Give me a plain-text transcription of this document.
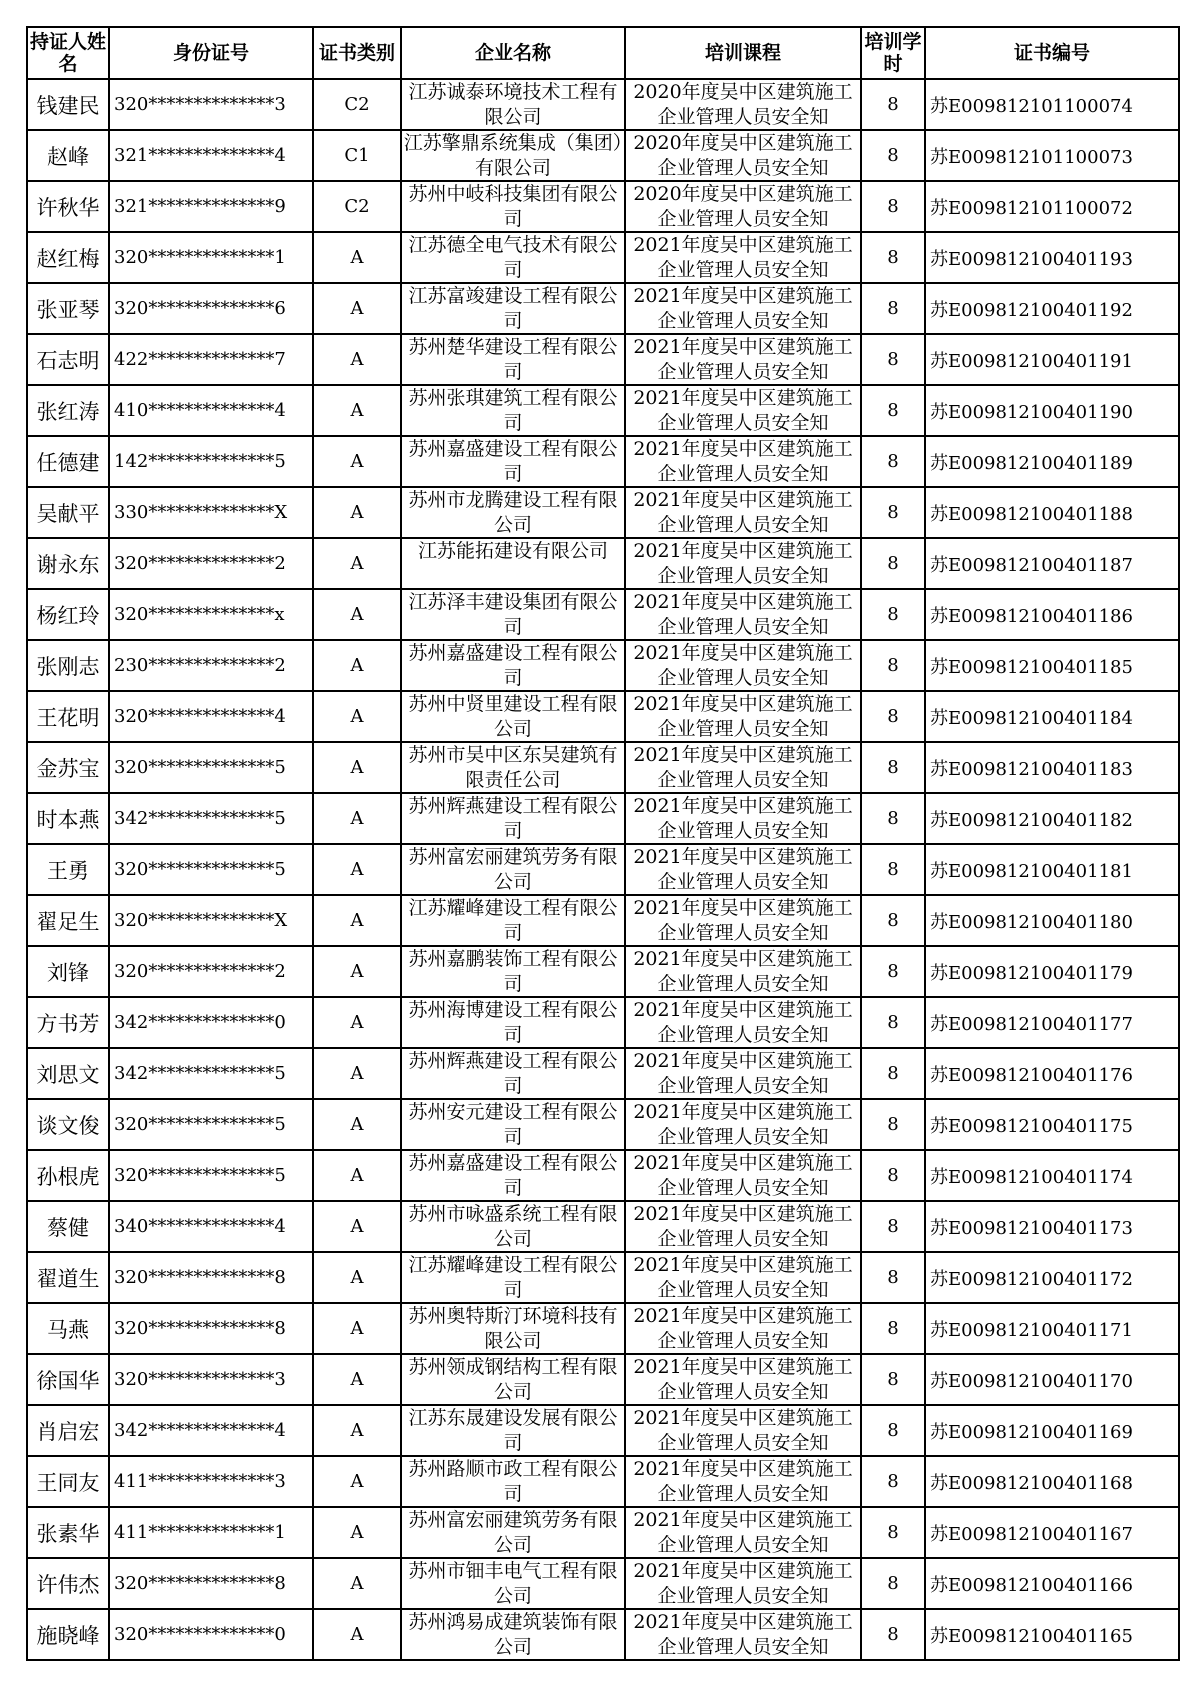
持证人姓名	身份证号	证书类别	企业名称	培训课程	培训学时	证书编号
钱建民	320**************3	C2	江苏诚泰环境技术工程有限公司	2020年度吴中区建筑施工企业管理人员安全知	8	苏E009812101100074
赵峰	321**************4	C1	江苏擎鼎系统集成（集团）有限公司	2020年度吴中区建筑施工企业管理人员安全知	8	苏E009812101100073
许秋华	321**************9	C2	苏州中岐科技集团有限公司	2020年度吴中区建筑施工企业管理人员安全知	8	苏E009812101100072
赵红梅	320**************1	A	江苏德全电气技术有限公司	2021年度吴中区建筑施工企业管理人员安全知	8	苏E009812100401193
张亚琴	320**************6	A	江苏富竣建设工程有限公司	2021年度吴中区建筑施工企业管理人员安全知	8	苏E009812100401192
石志明	422**************7	A	苏州楚华建设工程有限公司	2021年度吴中区建筑施工企业管理人员安全知	8	苏E009812100401191
张红涛	410**************4	A	苏州张琪建筑工程有限公司	2021年度吴中区建筑施工企业管理人员安全知	8	苏E009812100401190
任德建	142**************5	A	苏州嘉盛建设工程有限公司	2021年度吴中区建筑施工企业管理人员安全知	8	苏E009812100401189
吴献平	330**************X	A	苏州市龙腾建设工程有限公司	2021年度吴中区建筑施工企业管理人员安全知	8	苏E009812100401188
谢永东	320**************2	A	江苏能拓建设有限公司	2021年度吴中区建筑施工企业管理人员安全知	8	苏E009812100401187
杨红玲	320**************x	A	江苏泽丰建设集团有限公司	2021年度吴中区建筑施工企业管理人员安全知	8	苏E009812100401186
张刚志	230**************2	A	苏州嘉盛建设工程有限公司	2021年度吴中区建筑施工企业管理人员安全知	8	苏E009812100401185
王花明	320**************4	A	苏州中贤里建设工程有限公司	2021年度吴中区建筑施工企业管理人员安全知	8	苏E009812100401184
金苏宝	320**************5	A	苏州市吴中区东吴建筑有限责任公司	2021年度吴中区建筑施工企业管理人员安全知	8	苏E009812100401183
时本燕	342**************5	A	苏州辉燕建设工程有限公司	2021年度吴中区建筑施工企业管理人员安全知	8	苏E009812100401182
王勇	320**************5	A	苏州富宏丽建筑劳务有限公司	2021年度吴中区建筑施工企业管理人员安全知	8	苏E009812100401181
翟足生	320**************X	A	江苏耀峰建设工程有限公司	2021年度吴中区建筑施工企业管理人员安全知	8	苏E009812100401180
刘锋	320**************2	A	苏州嘉鹏装饰工程有限公司	2021年度吴中区建筑施工企业管理人员安全知	8	苏E009812100401179
方书芳	342**************0	A	苏州海博建设工程有限公司	2021年度吴中区建筑施工企业管理人员安全知	8	苏E009812100401177
刘思文	342**************5	A	苏州辉燕建设工程有限公司	2021年度吴中区建筑施工企业管理人员安全知	8	苏E009812100401176
谈文俊	320**************5	A	苏州安元建设工程有限公司	2021年度吴中区建筑施工企业管理人员安全知	8	苏E009812100401175
孙根虎	320**************5	A	苏州嘉盛建设工程有限公司	2021年度吴中区建筑施工企业管理人员安全知	8	苏E009812100401174
蔡健	340**************4	A	苏州市咏盛系统工程有限公司	2021年度吴中区建筑施工企业管理人员安全知	8	苏E009812100401173
翟道生	320**************8	A	江苏耀峰建设工程有限公司	2021年度吴中区建筑施工企业管理人员安全知	8	苏E009812100401172
马燕	320**************8	A	苏州奥特斯汀环境科技有限公司	2021年度吴中区建筑施工企业管理人员安全知	8	苏E009812100401171
徐国华	320**************3	A	苏州领成钢结构工程有限公司	2021年度吴中区建筑施工企业管理人员安全知	8	苏E009812100401170
肖启宏	342**************4	A	江苏东晟建设发展有限公司	2021年度吴中区建筑施工企业管理人员安全知	8	苏E009812100401169
王同友	411**************3	A	苏州路顺市政工程有限公司	2021年度吴中区建筑施工企业管理人员安全知	8	苏E009812100401168
张素华	411**************1	A	苏州富宏丽建筑劳务有限公司	2021年度吴中区建筑施工企业管理人员安全知	8	苏E009812100401167
许伟杰	320**************8	A	苏州市钿丰电气工程有限公司	2021年度吴中区建筑施工企业管理人员安全知	8	苏E009812100401166
施晓峰	320**************0	A	苏州鸿易成建筑装饰有限公司	2021年度吴中区建筑施工企业管理人员安全知	8	苏E009812100401165
